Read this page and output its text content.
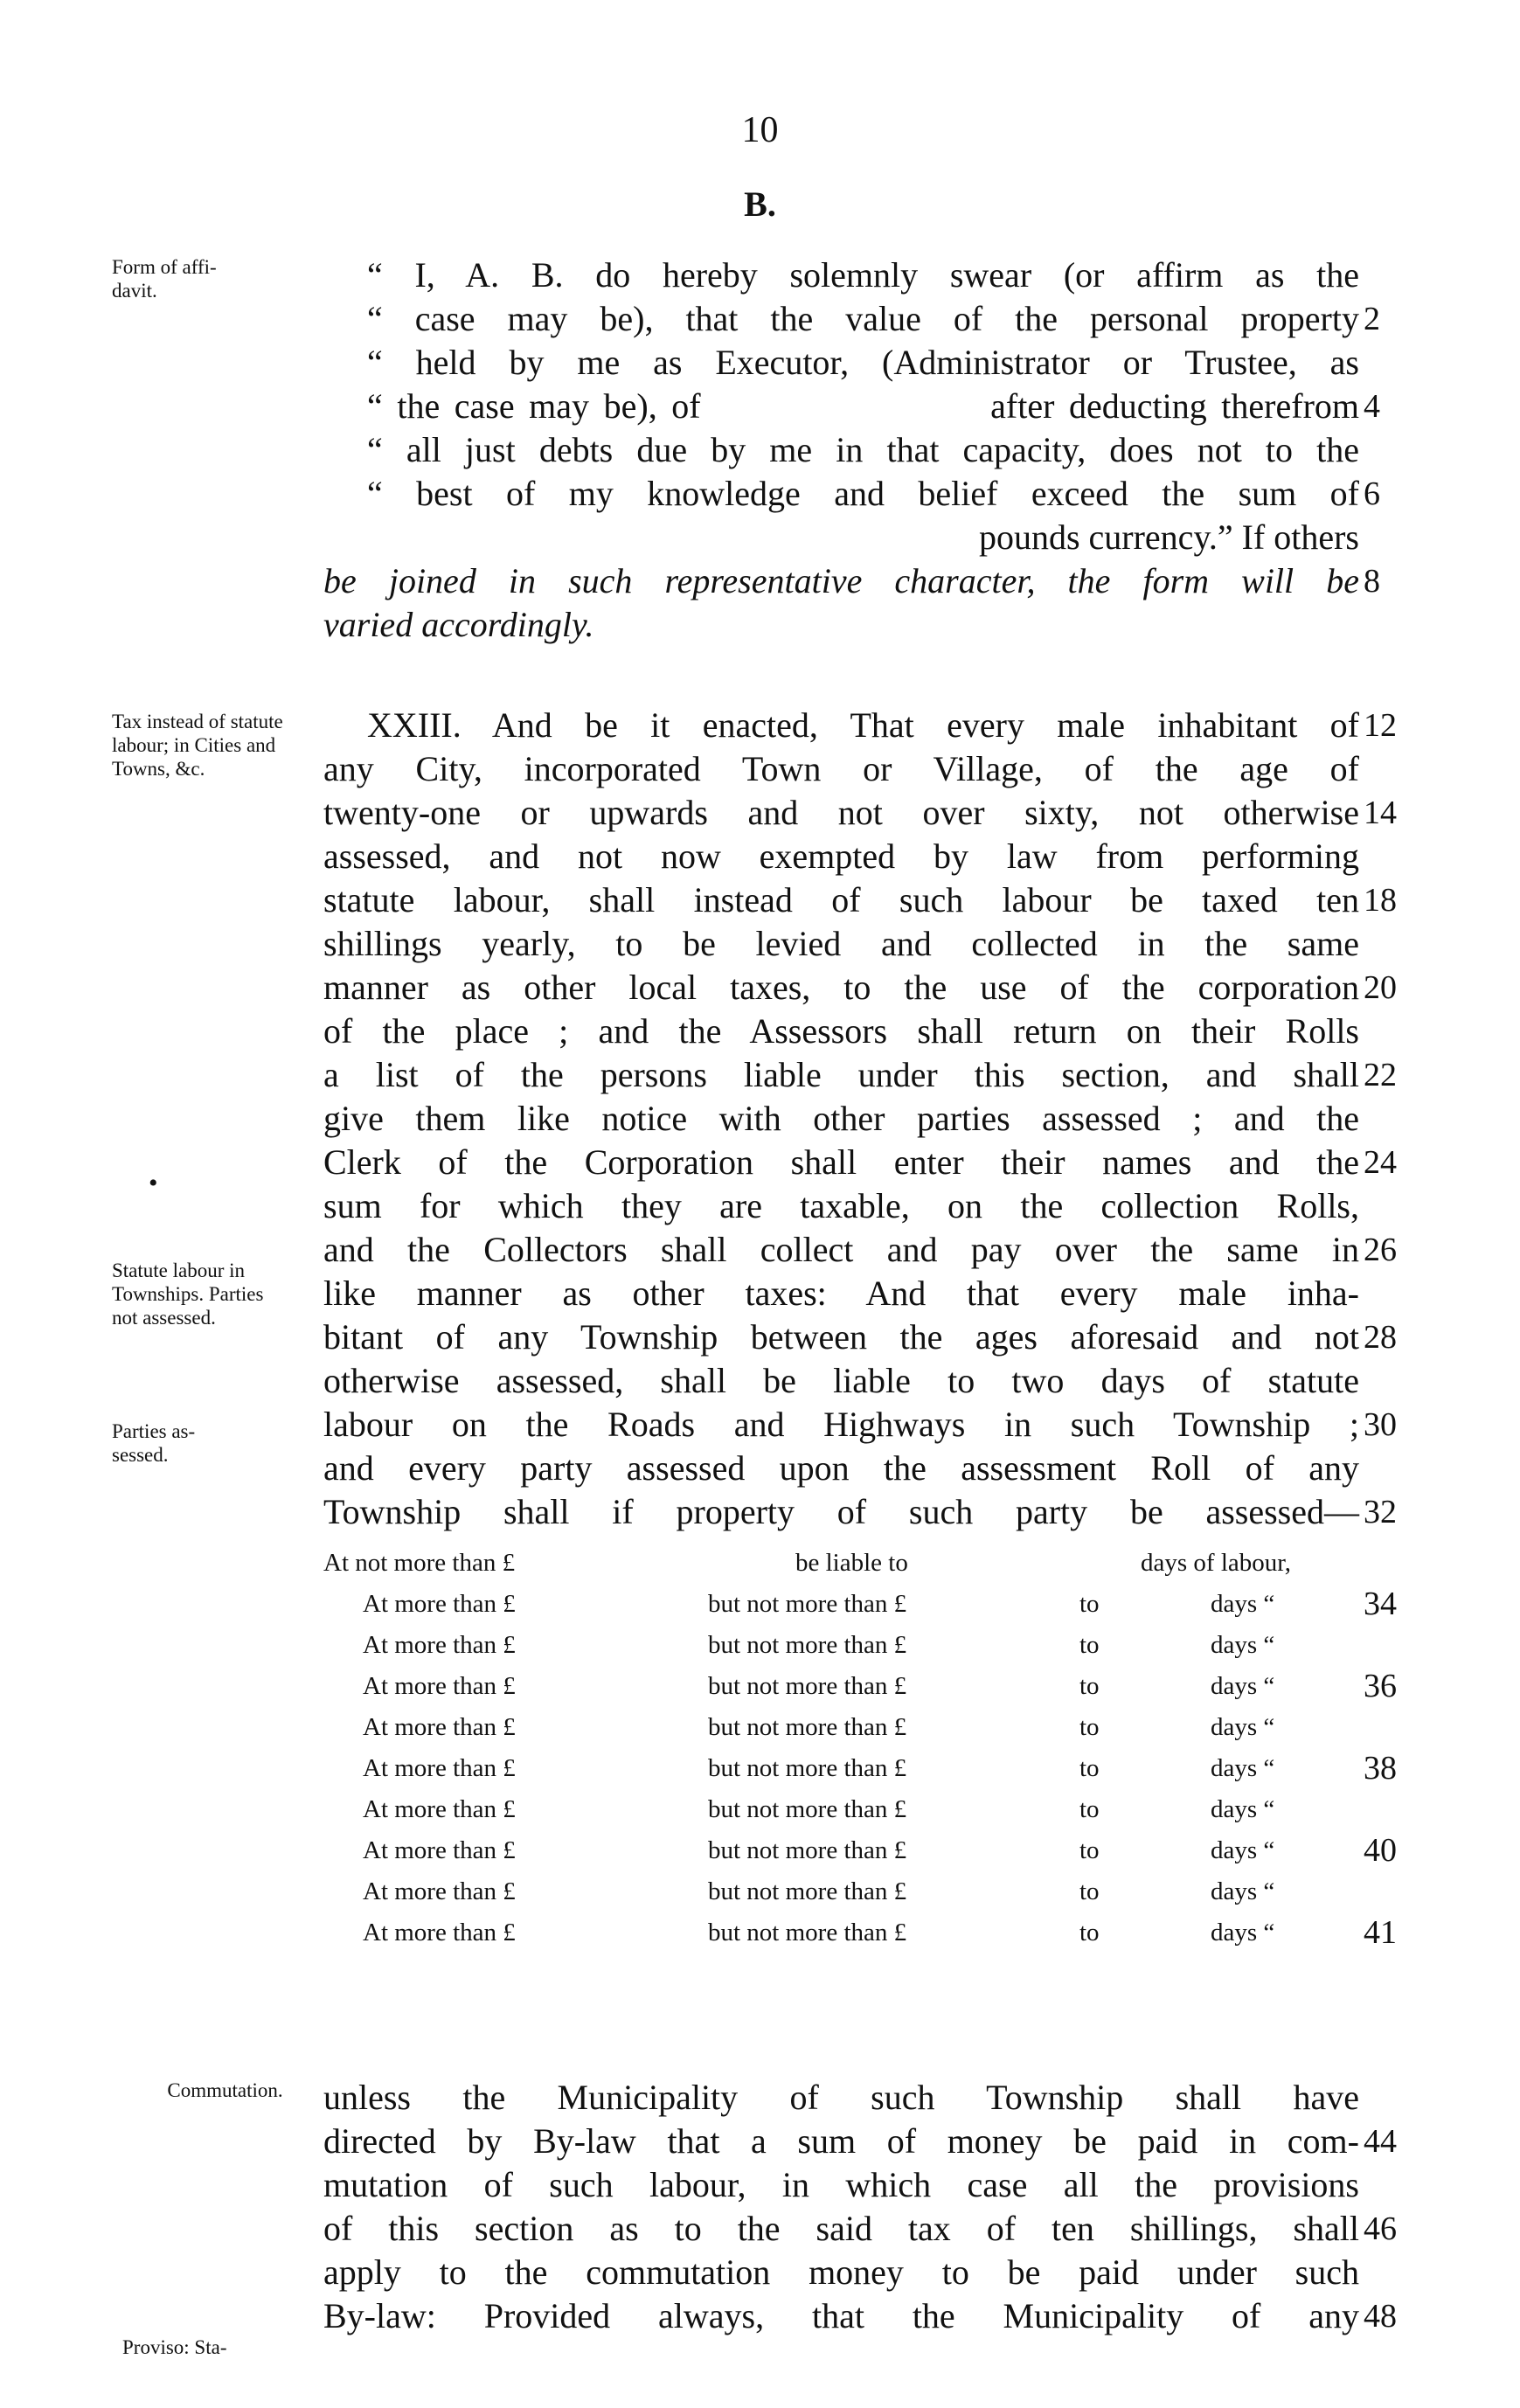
10
B.
Form of affi-davit.
Tax instead of statute labour; in Cities and Towns, &c.
•
Statute labour in Townships. Parties not assessed.
Parties as-sessed.
Commutation.
Proviso: Sta-
“ I, A. B. do hereby solemnly swear (or affirm as the
“ case may be), that the value of the personal property
“ held by me as Executor, (Administrator or Trustee, as
“ the case may be), of                    after deducting therefrom
“ all just debts due by me in that capacity, does not to the
“ best of my knowledge and belief exceed the sum of
pounds currency.” If others
be joined in such representative character, the form will be
varied accordingly.
XXIII. And be it enacted, That every male inhabitant of
any City, incorporated Town or Village, of the age of
twenty-one or upwards and not over sixty, not otherwise
assessed, and not now exempted by law from performing
statute labour, shall instead of such labour be taxed ten
shillings yearly, to be levied and collected in the same
manner as other local taxes, to the use of the corporation
of the place ; and the Assessors shall return on their Rolls
a list of the persons liable under this section, and shall
give them like notice with other parties assessed ; and the
Clerk of the Corporation shall enter their names and the
sum for which they are taxable, on the collection Rolls,
and the Collectors shall collect and pay over the same in
like manner as other taxes: And that every male inha-
bitant of any Township between the ages aforesaid and not
otherwise assessed, shall be liable to two days of statute
labour on the Roads and Highways in such Township ;
and every party assessed upon the assessment Roll of any
Township shall if property of such party be assessed—
At not more than £	be liable to	days of labour,
At more than £	but not more than £	to	days “	34
At more than £	but not more than £	to	days “
At more than £	but not more than £	to	days “	36
At more than £	but not more than £	to	days “
At more than £	but not more than £	to	days “	38
At more than £	but not more than £	to	days “
At more than £	but not more than £	to	days “	40
At more than £	but not more than £	to	days “
At more than £	but not more than £	to	days “	41
unless the Municipality of such Township shall have
directed by By-law that a sum of money be paid in com-
mutation of such labour, in which case all the provisions
of this section as to the said tax of ten shillings, shall
apply to the commutation money to be paid under such
By-law: Provided always, that the Municipality of any
2
4
6
8
12
14
18
20
22
24
26
28
30
32
44
46
48
